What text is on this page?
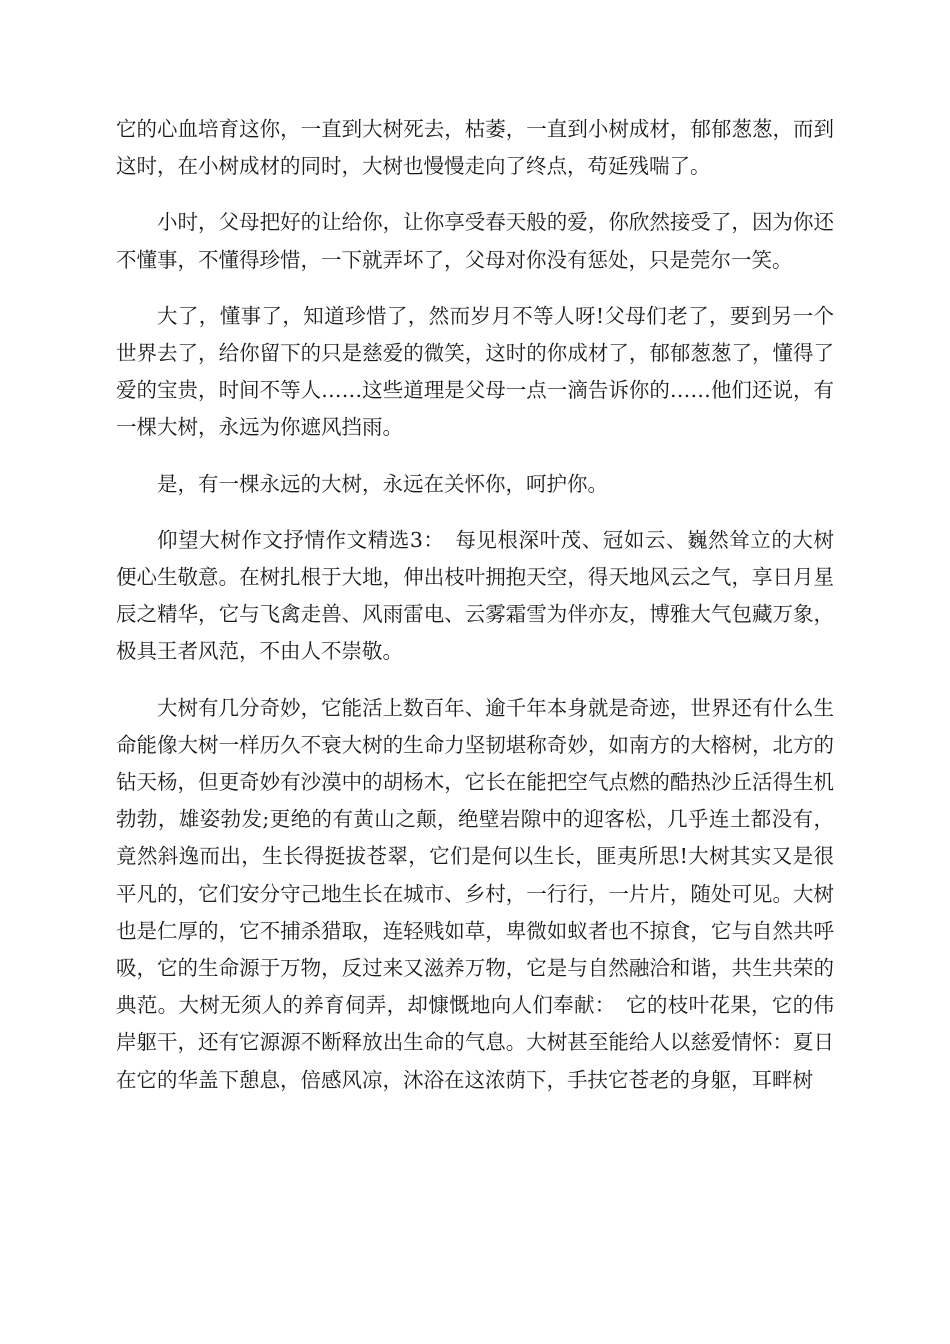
它的心血培育这你，一直到大树死去，枯萎，一直到小树成材，郁郁葱葱，而到这时，在小树成材的同时，大树也慢慢走向了终点，苟延残喘了。

小时，父母把好的让给你，让你享受春天般的爱，你欣然接受了，因为你还不懂事，不懂得珍惜，一下就弄坏了，父母对你没有惩处，只是莞尔一笑。

大了，懂事了，知道珍惜了，然而岁月不等人呀!父母们老了，要到另一个世界去了，给你留下的只是慈爱的微笑，这时的你成材了，郁郁葱葱了，懂得了爱的宝贵，时间不等人……这些道理是父母一点一滴告诉你的……他们还说，有一棵大树，永远为你遮风挡雨。

是，有一棵永远的大树，永远在关怀你，呵护你。

仰望大树作文抒情作文精选3：　每见根深叶茂、冠如云、巍然耸立的大树便心生敬意。在树扎根于大地，伸出枝叶拥抱天空，得天地风云之气，享日月星辰之精华，它与飞禽走兽、风雨雷电、云雾霜雪为伴亦友，博雅大气包藏万象，极具王者风范，不由人不崇敬。

大树有几分奇妙，它能活上数百年、逾千年本身就是奇迹，世界还有什么生命能像大树一样历久不衰大树的生命力坚韧堪称奇妙，如南方的大榕树，北方的钻天杨，但更奇妙有沙漠中的胡杨木，它长在能把空气点燃的酷热沙丘活得生机勃勃，雄姿勃发;更绝的有黄山之颠，绝壁岩隙中的迎客松，几乎连土都没有，竟然斜逸而出，生长得挺拔苍翠，它们是何以生长，匪夷所思!大树其实又是很平凡的，它们安分守己地生长在城市、乡村，一行行，一片片，随处可见。大树也是仁厚的，它不捕杀猎取，连轻贱如草，卑微如蚁者也不掠食，它与自然共呼吸，它的生命源于万物，反过来又滋养万物，它是与自然融洽和谐，共生共荣的典范。大树无须人的养育伺弄，却慷慨地向人们奉献：　它的枝叶花果，它的伟岸躯干，还有它源源不断释放出生命的气息。大树甚至能给人以慈爱情怀：夏日在它的华盖下憩息，倍感风凉，沐浴在这浓荫下，手扶它苍老的身躯，耳畔树
